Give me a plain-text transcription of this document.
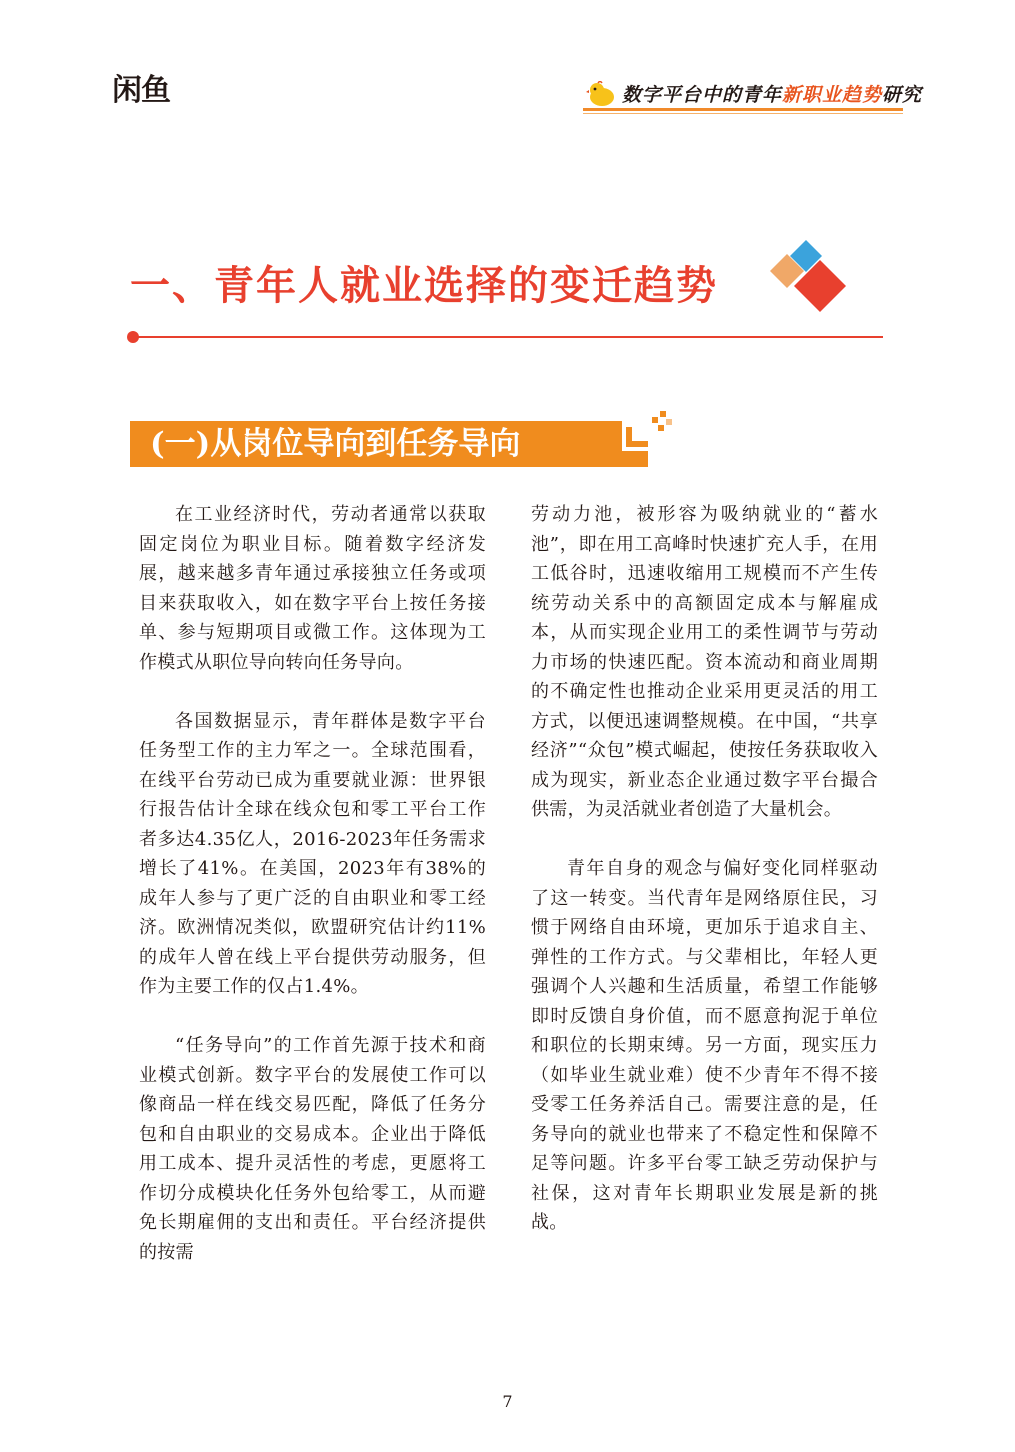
闲鱼	数字平台中的青年新职业趋势研究
一、青年人就业选择的变迁趋势
(一)从岗位导向到任务导向

在工业经济时代，劳动者通常以获取固定岗位为职业目标。随着数字经济发展，越来越多青年通过承接独立任务或项目来获取收入，如在数字平台上按任务接单、参与短期项目或微工作。这体现为工作模式从职位导向转向任务导向。

各国数据显示，青年群体是数字平台任务型工作的主力军之一。全球范围看，在线平台劳动已成为重要就业源：世界银行报告估计全球在线众包和零工平台工作者多达4.35亿人，2016-2023年任务需求增长了41%。在美国，2023年有38%的成年人参与了更广泛的自由职业和零工经济。欧洲情况类似，欧盟研究估计约11%的成年人曾在线上平台提供劳动服务，但作为主要工作的仅占1.4%。

“任务导向”的工作首先源于技术和商业模式创新。数字平台的发展使工作可以像商品一样在线交易匹配，降低了任务分包和自由职业的交易成本。企业出于降低用工成本、提升灵活性的考虑，更愿将工作切分成模块化任务外包给零工，从而避免长期雇佣的支出和责任。平台经济提供的按需

劳动力池，被形容为吸纳就业的“蓄水池”，即在用工高峰时快速扩充人手，在用工低谷时，迅速收缩用工规模而不产生传统劳动关系中的高额固定成本与解雇成本，从而实现企业用工的柔性调节与劳动力市场的快速匹配。资本流动和商业周期的不确定性也推动企业采用更灵活的用工方式，以便迅速调整规模。在中国，“共享经济”“众包”模式崛起，使按任务获取收入成为现实，新业态企业通过数字平台撮合供需，为灵活就业者创造了大量机会。

青年自身的观念与偏好变化同样驱动了这一转变。当代青年是网络原住民，习惯于网络自由环境，更加乐于追求自主、弹性的工作方式。与父辈相比，年轻人更强调个人兴趣和生活质量，希望工作能够即时反馈自身价值，而不愿意拘泥于单位和职位的长期束缚。另一方面，现实压力（如毕业生就业难）使不少青年不得不接受零工任务养活自己。需要注意的是，任务导向的就业也带来了不稳定性和保障不足等问题。许多平台零工缺乏劳动保护与社保，这对青年长期职业发展是新的挑战。

7
